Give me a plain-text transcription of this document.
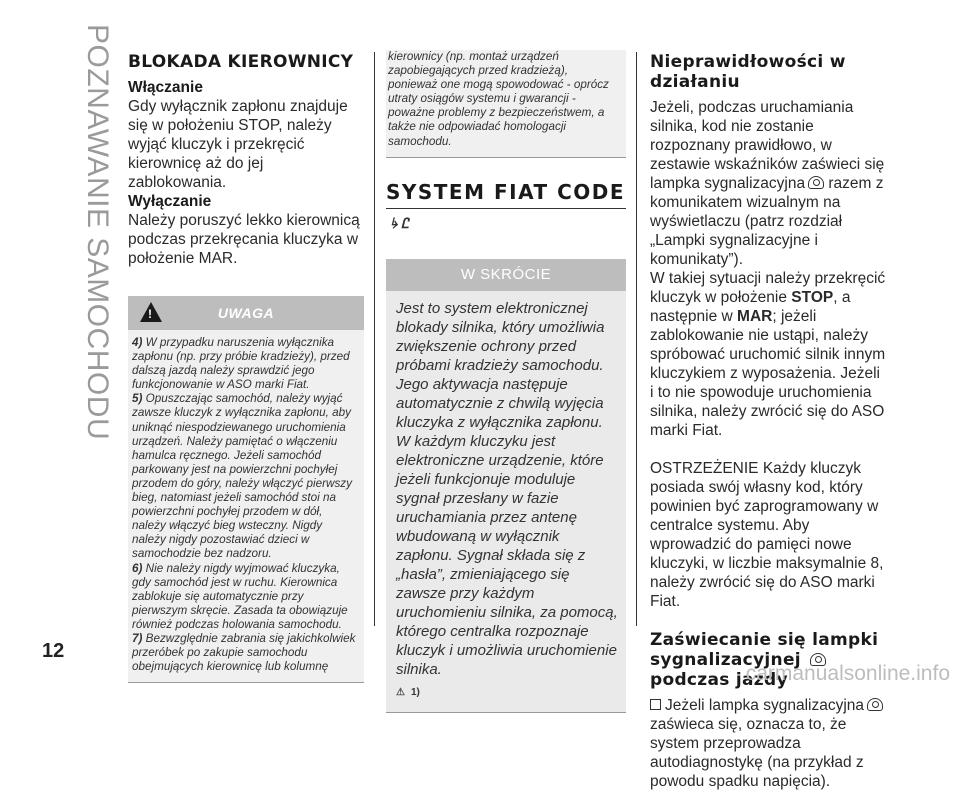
POZNAWANIE SAMOCHODU BLOKADA KIEROWNICY
Włączanie
Gdy wyłącznik zapłonu znajduje się w położeniu STOP, należy wyjąć kluczyk i przekręcić kierownicę aż do jej zablokowania.
Wyłączanie
Należy poruszyć lekko kierownicą podczas przekręcania kluczyka w położenie MAR.
!
UWAGA

4) W przypadku naruszenia wyłącznika zapłonu (np. przy próbie kradzieży), przed dalszą jazdą należy sprawdzić jego funkcjonowanie w ASO marki Fiat.

5) Opuszczając samochód, należy wyjąć zawsze kluczyk z wyłącznika zapłonu, aby uniknąć niespodziewanego uruchomienia urządzeń. Należy pamiętać o włączeniu hamulca ręcznego. Jeżeli samochód parkowany jest na powierzchni pochyłej przodem do góry, należy włączyć pierwszy bieg, natomiast jeżeli samochód stoi na powierzchni pochyłej przodem w dół, należy włączyć bieg wsteczny. Nigdy należy nigdy pozostawiać dzieci w samochodzie bez nadzoru.

6) Nie należy nigdy wyjmować kluczyka, gdy samochód jest w ruchu. Kierownica zablokuje się automatycznie przy pierwszym skręcie. Zasada ta obowiązuje również podczas holowania samochodu.

7) Bezwzględnie zabrania się jakichkolwiek przeróbek po zakupie samochodu obejmujących kierownicę lub kolumnę

kierownicy (np. montaż urządzeń zapobiegających przed kradzieżą), ponieważ one mogą spowodować - oprócz utraty osiągów systemu i gwarancji - poważne problemy z bezpieczeństwem, a także nie odpowiadać homologacji samochodu.
SYSTEM FIAT CODE
↳ Ꮭ
W SKRÓCIE
Jest to system elektronicznej blokady silnika, który umożliwia zwiększenie ochrony przed próbami kradzieży samochodu. Jego aktywacja następuje automatycznie z chwilą wyjęcia kluczyka z wyłącznika zapłonu. W każdym kluczyku jest elektroniczne urządzenie, które jeżeli funkcjonuje moduluje sygnał przesłany w fazie uruchamiania przez antenę wbudowaną w wyłącznik zapłonu. Sygnał składa się z „hasła”, zmieniającego się zawsze przy każdym uruchomieniu silnika, za pomocą, którego centralka rozpoznaje kluczyk i umożliwia uruchomienie silnika.
⚠ 1)
Nieprawidłowości w działaniu
Jeżeli, podczas uruchamiania silnika, kod nie zostanie rozpoznany prawidłowo, w zestawie wskaźników zaświeci się lampka sygnalizacyjna razem z komunikatem wizualnym na wyświetlaczu (patrz rozdział „Lampki sygnalizacyjne i komunikaty”).
W takiej sytuacji należy przekręcić kluczyk w położenie STOP, a następnie w MAR; jeżeli zablokowanie nie ustąpi, należy spróbować uruchomić silnik innym kluczykiem z wyposażenia. Jeżeli i to nie spowoduje uruchomienia silnika, należy zwrócić się do ASO marki Fiat.
OSTRZEŻENIE Każdy kluczyk posiada swój własny kod, który powinien być zaprogramowany w centralce systemu. Aby wprowadzić do pamięci nowe kluczyki, w liczbie maksymalnie 8, należy zwrócić się do ASO marki Fiat.
Zaświecanie się lampki sygnalizacyjnej
podczas jazdy
Jeżeli lampka sygnalizacyjna zaświeca się, oznacza to, że system przeprowadza autodiagnostykę (na przykład z powodu spadku napięcia).
12
carmanualsonline.info
